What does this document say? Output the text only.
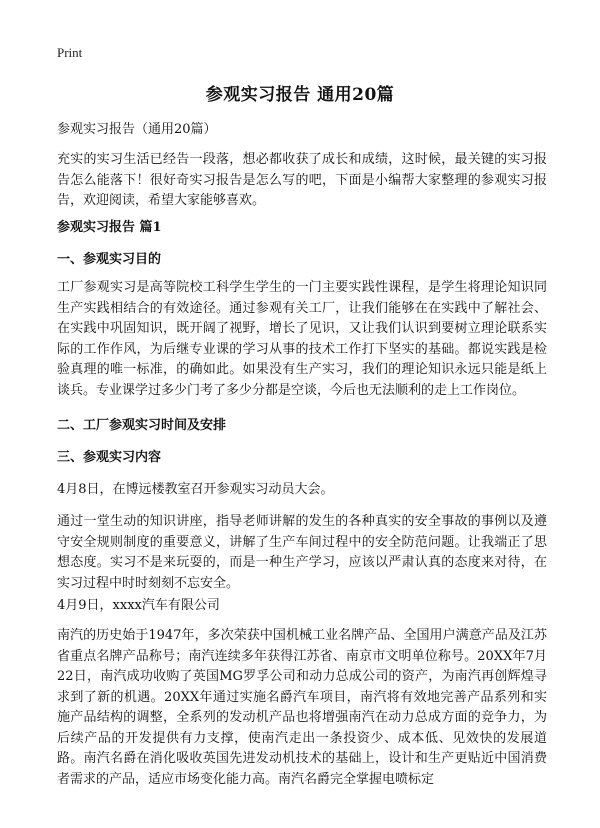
Print
参观实习报告 通用20篇
参观实习报告（通用20篇）
充实的实习生活已经告一段落，想必都收获了成长和成绩，这时候，最关键的实习报告怎么能落下！很好奇实习报告是怎么写的吧，下面是小编帮大家整理的参观实习报告，欢迎阅读，希望大家能够喜欢。
参观实习报告 篇1
一、参观实习目的
工厂参观实习是高等院校工科学生学生的一门主要实践性课程，是学生将理论知识同生产实践相结合的有效途径。通过参观有关工厂，让我们能够在在实践中了解社会、在实践中巩固知识，既开阔了视野，增长了见识，又让我们认识到要树立理论联系实际的工作作风，为后继专业课的学习从事的技术工作打下坚实的基础。都说实践是检验真理的唯一标准，的确如此。如果没有生产实习，我们的理论知识永远只能是纸上谈兵。专业课学过多少门考了多少分都是空谈，今后也无法顺利的走上工作岗位。
二、工厂参观实习时间及安排
三、参观实习内容
4月8日，在博远楼教室召开参观实习动员大会。
通过一堂生动的知识讲座，指导老师讲解的发生的各种真实的安全事故的事例以及遵守安全规则制度的重要意义，讲解了生产车间过程中的安全防范问题。让我端正了思想态度。实习不是来玩耍的，而是一种生产学习，应该以严肃认真的态度来对待，在实习过程中时时刻刻不忘安全。
4月9日，xxxx汽车有限公司
南汽的历史始于1947年，多次荣获中国机械工业名牌产品、全国用户满意产品及江苏省重点名牌产品称号；南汽连续多年获得江苏省、南京市文明单位称号。20XX年7月22日，南汽成功收购了英国MG罗孚公司和动力总成公司的资产，为南汽再创辉煌寻求到了新的机遇。20XX年通过实施名爵汽车项目，南汽将有效地完善产品系列和实施产品结构的调整，全系列的发动机产品也将增强南汽在动力总成方面的竞争力，为后续产品的开发提供有力支撑，使南汽走出一条投资少、成本低、见效快的发展道路。南汽名爵在消化吸收英国先进发动机技术的基础上，设计和生产更贴近中国消费者需求的产品，适应市场变化能力高。南汽名爵完全掌握电喷标定
